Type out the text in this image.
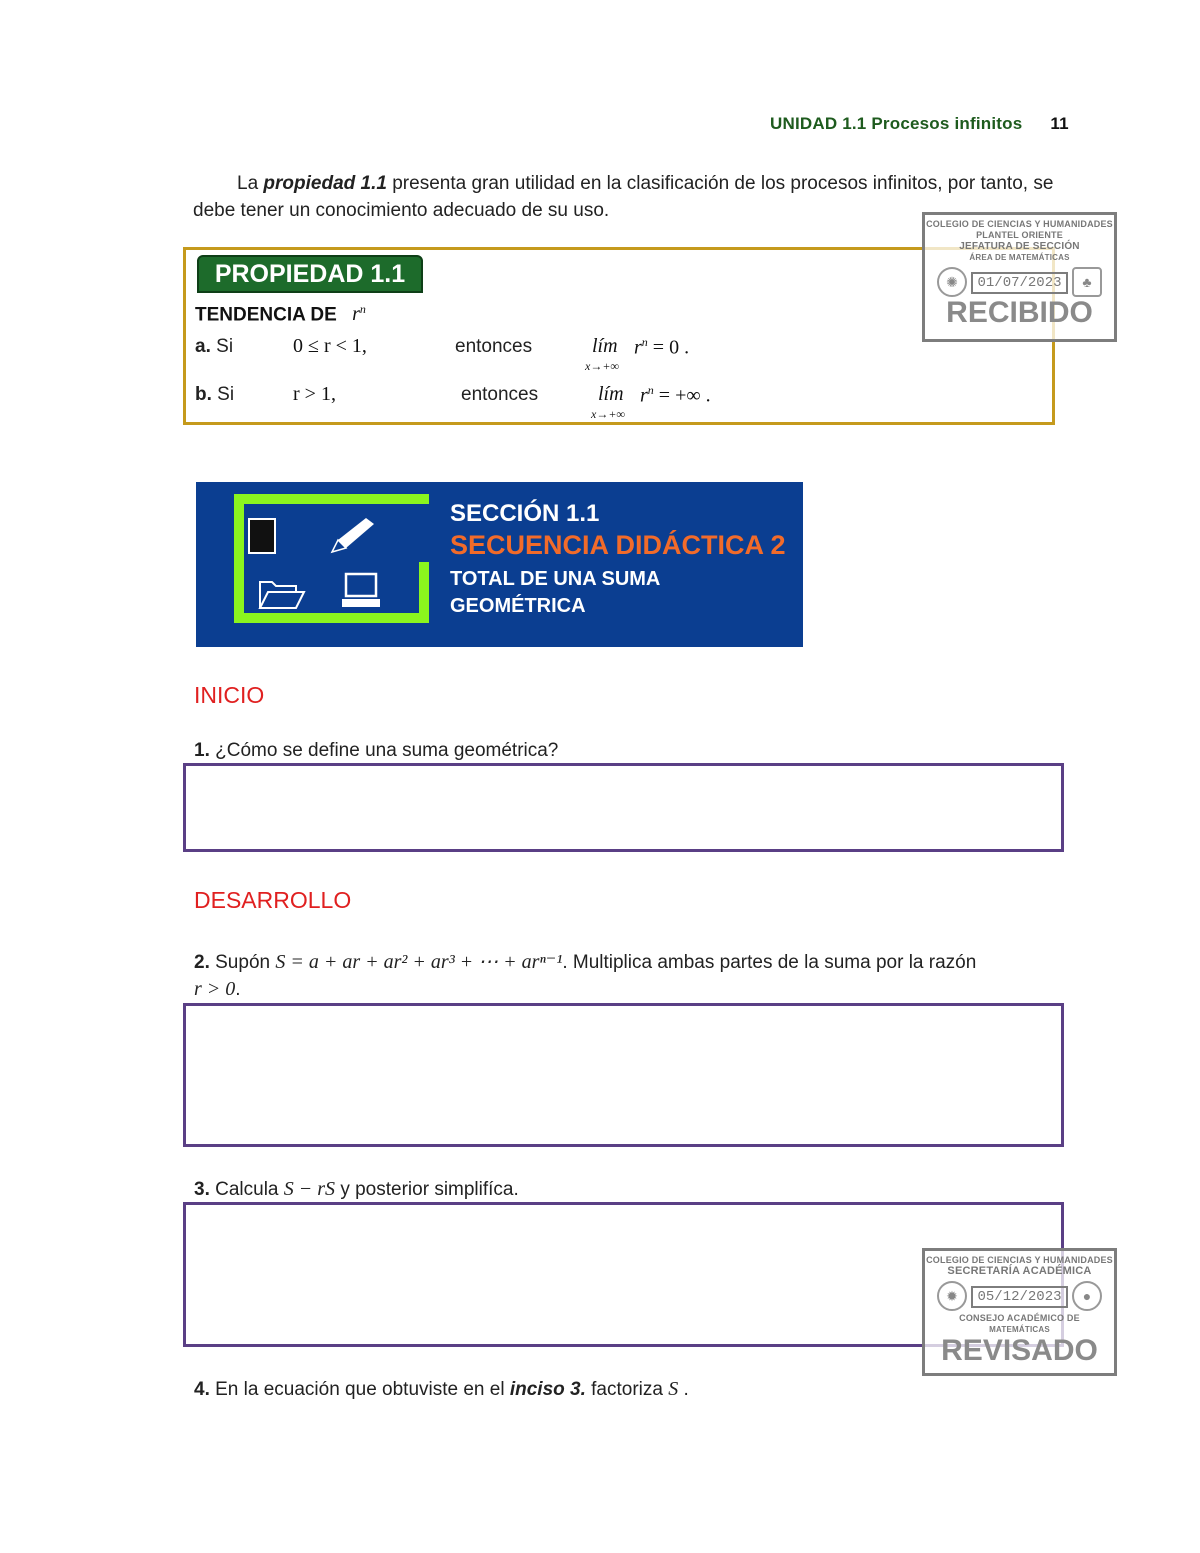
UNIDAD 1.1 Procesos infinitos 11
La propiedad 1.1 presenta gran utilidad en la clasificación de los procesos infinitos, por tanto, se debe tener un conocimiento adecuado de su uso.
PROPIEDAD 1.1
TENDENCIA DE $r^n$
a. Si	0 ≤ r < 1,	entonces	lím
x→+∞
$r^n = 0$ .
b. Si	r > 1,	entonces	lím
x→+∞
$r^n$ = +∞ .
COLEGIO DE CIENCIAS Y HUMANIDADES
PLANTEL ORIENTE
JEFATURA DE SECCIÓN
ÁREA DE MATEMÁTICAS
✺ 01/07/2023 ♣
RECIBIDO
SECCIÓN 1.1
SECUENCIA DIDÁCTICA 2
TOTAL DE UNA SUMA GEOMÉTRICA
INICIO
1. ¿Cómo se define una suma geométrica?
DESARROLLO
2. Supón S = a + ar + ar² + ar³ + ⋯ + arⁿ⁻¹. Multiplica ambas partes de la suma por la razón
r > 0.
3. Calcula S − rS y posterior simplifíca.
COLEGIO DE CIENCIAS Y HUMANIDADES
SECRETARÍA ACADÉMICA
✹ 05/12/2023 ●
CONSEJO ACADÉMICO DE
MATEMÁTICAS
REVISADO
4. En la ecuación que obtuviste en el inciso 3. factoriza S .
